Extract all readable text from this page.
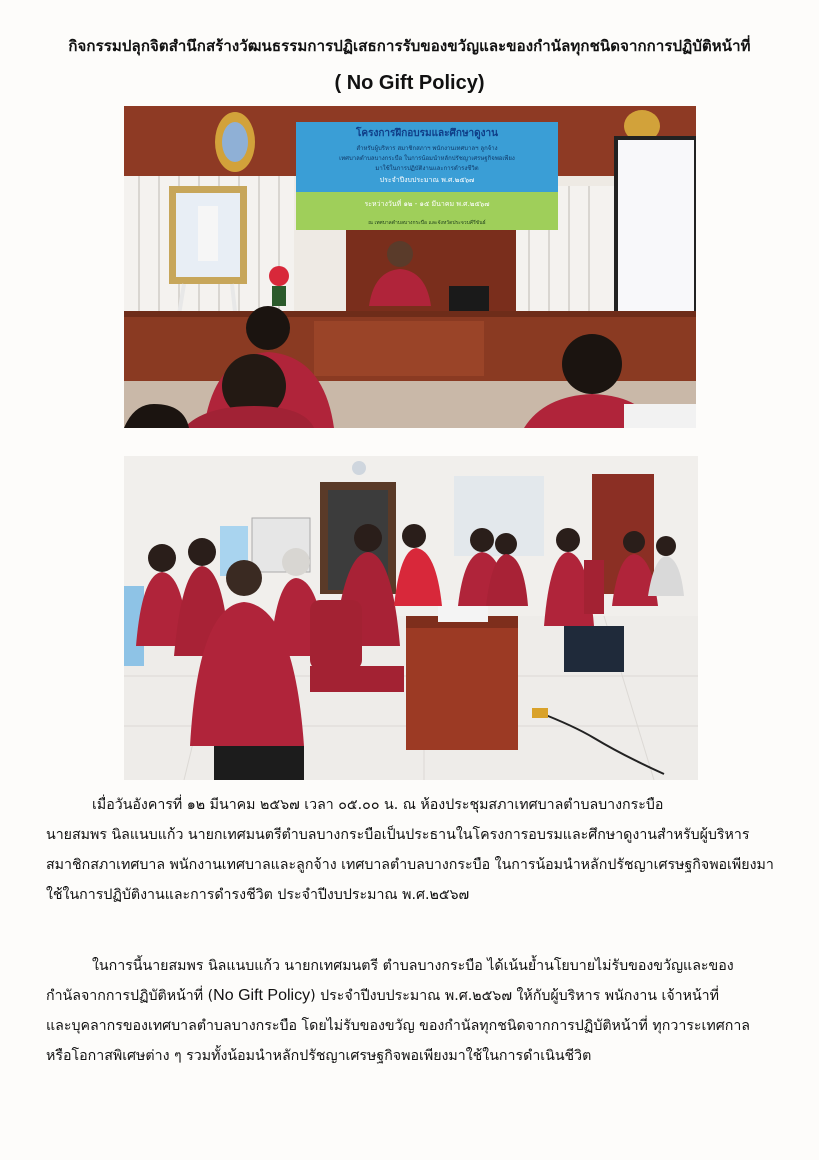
กิจกรรมปลุกจิตสำนึกสร้างวัฒนธรรมการปฏิเสธการรับของขวัญและของกำนัลทุกชนิดจากการปฏิบัติหน้าที่
( No Gift Policy)
โครงการฝึกอบรมและศึกษาดูงาน
สำหรับผู้บริหาร สมาชิกสภาฯ พนักงานเทศบาลฯ ลูกจ้าง
เทศบาลตำบลบางกระบือ ในการน้อมนำหลักปรัชญาเศรษฐกิจพอเพียง
มาใช้ในการปฏิบัติงานและการดำรงชีวิต
ประจำปีงบประมาณ พ.ศ.๒๕๖๗
ระหว่างวันที่ ๑๒ - ๑๕ มีนาคม พ.ศ.๒๕๖๗
ณ เทศบาลตำบลบางกระบือ และจังหวัดประจวบคีรีขันธ์
เมื่อวันอังคารที่ ๑๒ มีนาคม ๒๕๖๗ เวลา ๐๕.๐๐ น. ณ ห้องประชุมสภาเทศบาลตำบลบางกระบือ
นายสมพร นิลแนบแก้ว นายกเทศมนตรีตำบลบางกระบือเป็นประธานในโครงการอบรมและศึกษาดูงานสำหรับผู้บริหาร
สมาชิกสภาเทศบาล พนักงานเทศบาลและลูกจ้าง เทศบาลตำบลบางกระบือ ในการน้อมนำหลักปรัชญาเศรษฐกิจพอเพียงมา
ใช้ในการปฏิบัติงานและการดำรงชีวิต ประจำปีงบประมาณ พ.ศ.๒๕๖๗
ในการนี้นายสมพร นิลแนบแก้ว นายกเทศมนตรี ตำบลบางกระบือ ได้เน้นย้ำนโยบายไม่รับของขวัญและของ
กำนัลจากการปฏิบัติหน้าที่ (No Gift Policy) ประจำปีงบประมาณ พ.ศ.๒๕๖๗ ให้กับผู้บริหาร พนักงาน เจ้าหน้าที่
และบุคลากรของเทศบาลตำบลบางกระบือ โดยไม่รับของขวัญ ของกำนัลทุกชนิดจากการปฏิบัติหน้าที่ ทุกวาระเทศกาล
หรือโอกาสพิเศษต่าง ๆ รวมทั้งน้อมนำหลักปรัชญาเศรษฐกิจพอเพียงมาใช้ในการดำเนินชีวิต
